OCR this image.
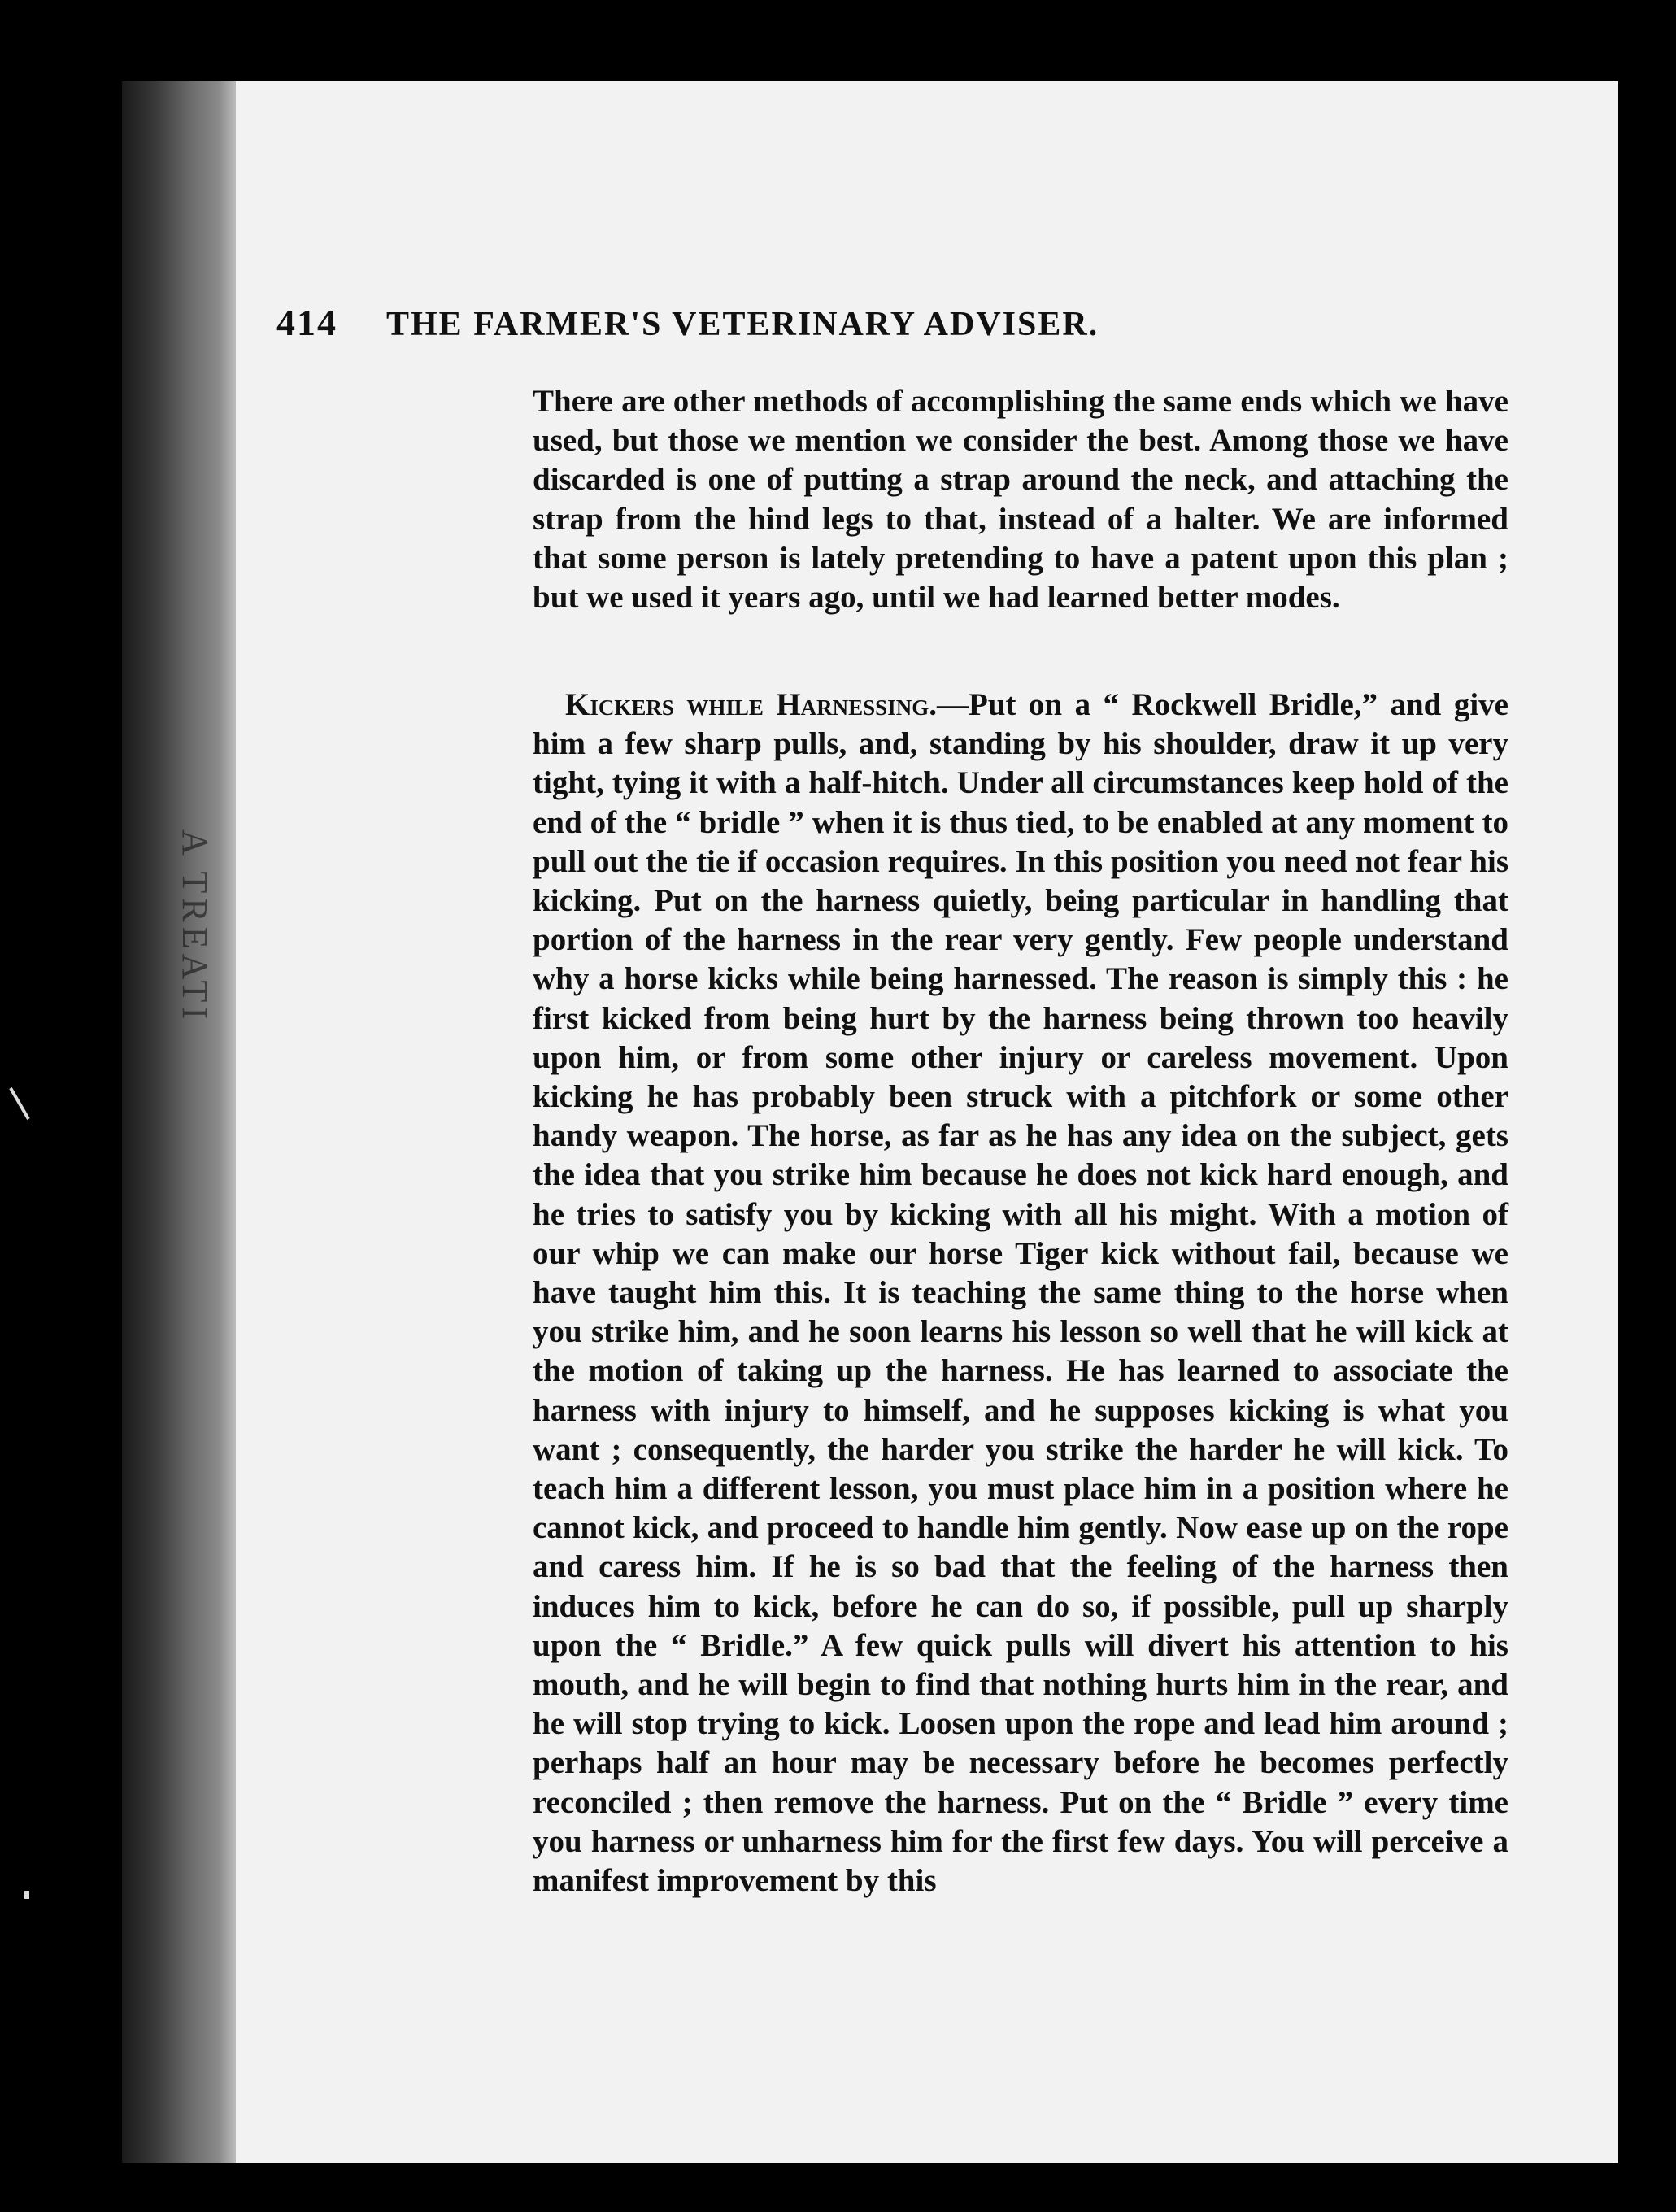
A TREATI
414 THE FARMER'S VETERINARY ADVISER.
There are other methods of accomplishing the same ends which we have used, but those we mention we consider the best. Among those we have discarded is one of putting a strap around the neck, and attaching the strap from the hind legs to that, instead of a halter. We are informed that some person is lately pretending to have a patent upon this plan ; but we used it years ago, until we had learned better modes.
Kickers while Harnessing.—Put on a “ Rockwell Bridle,” and give him a few sharp pulls, and, standing by his shoulder, draw it up very tight, tying it with a half-hitch. Under all circumstances keep hold of the end of the “ bridle ” when it is thus tied, to be enabled at any moment to pull out the tie if occasion requires. In this position you need not fear his kicking. Put on the harness quietly, being particular in handling that portion of the harness in the rear very gently. Few people understand why a horse kicks while being harnessed. The reason is simply this : he first kicked from being hurt by the harness being thrown too heavily upon him, or from some other injury or careless movement. Upon kicking he has probably been struck with a pitchfork or some other handy weapon. The horse, as far as he has any idea on the subject, gets the idea that you strike him because he does not kick hard enough, and he tries to satisfy you by kicking with all his might. With a motion of our whip we can make our horse Tiger kick without fail, because we have taught him this. It is teaching the same thing to the horse when you strike him, and he soon learns his lesson so well that he will kick at the motion of taking up the harness. He has learned to associate the harness with injury to himself, and he supposes kicking is what you want ; consequently, the harder you strike the harder he will kick. To teach him a different lesson, you must place him in a position where he cannot kick, and proceed to handle him gently. Now ease up on the rope and caress him. If he is so bad that the feeling of the harness then induces him to kick, before he can do so, if possible, pull up sharply upon the “ Bridle.” A few quick pulls will divert his attention to his mouth, and he will begin to find that nothing hurts him in the rear, and he will stop trying to kick. Loosen upon the rope and lead him around ; perhaps half an hour may be necessary before he becomes perfectly reconciled ; then remove the harness. Put on the “ Bridle ” every time you harness or unharness him for the first few days. You will perceive a manifest improvement by this
